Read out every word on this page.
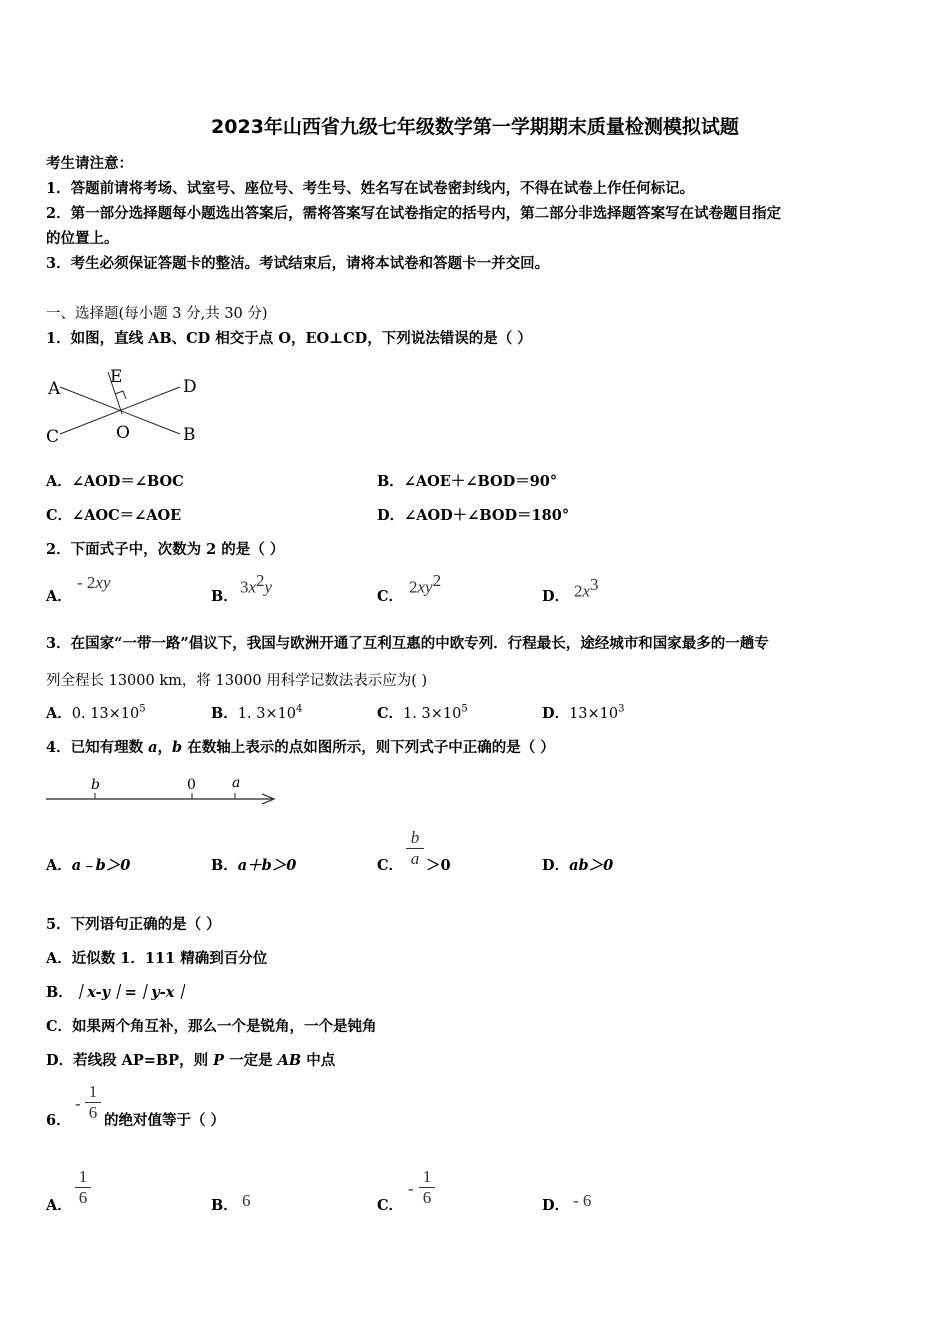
2023年山西省九级七年级数学第一学期期末质量检测模拟试题
考生请注意：
1．答题前请将考场、试室号、座位号、考生号、姓名写在试卷密封线内，不得在试卷上作任何标记。
2．第一部分选择题每小题选出答案后，需将答案写在试卷指定的括号内，第二部分非选择题答案写在试卷题目指定
的位置上。
3．考生必须保证答题卡的整洁。考试结束后，请将本试卷和答题卡一并交回。
一、选择题(每小题 3 分,共 30 分)
1．如图，直线 AB、CD 相交于点 O，EO⊥CD，下列说法错误的是（ ）
A	D
E
C	O	B
A．∠AOD＝∠BOC	B．∠AOE＋∠BOD＝90°
C．∠AOC＝∠AOE	D．∠AOD＋∠BOD＝180°
2．下面式子中，次数为 2 的是（ ）
A．
- 2xy
B．
$3x^2y$
C．
$2xy^2$
D． $2x^3$
3．在国家“一带一路”倡议下，我国与欧洲开通了互利互惠的中欧专列．行程最长，途经城市和国家最多的一趟专
列全程长 13000 km，将 13000 用科学记数法表示应为( )
A．0. $13\times 10^5$	B．1. $3\times 10^4$	C．1. $3\times 10^5$	D．$13\times 10^3$
4．已知有理数 a，b 在数轴上表示的点如图所示，则下列式子中正确的是（ ）
b	0	a
A．a﹣b＞0	B．a＋b＞0	C．
b
a ＞0	D．ab＞0
5．下列语句正确的是（ ）
A．近似数 1．111 精确到百分位
B．｜x-y｜=｜y-x｜
C．如果两个角互补，那么一个是锐角，一个是钝角
D．若线段 AP=BP，则 P 一定是 AB 中点
6．
-
1
6 的绝对值等于（ ）
A．
1
6	B． 6	C．
-
1
6	D． - 6
